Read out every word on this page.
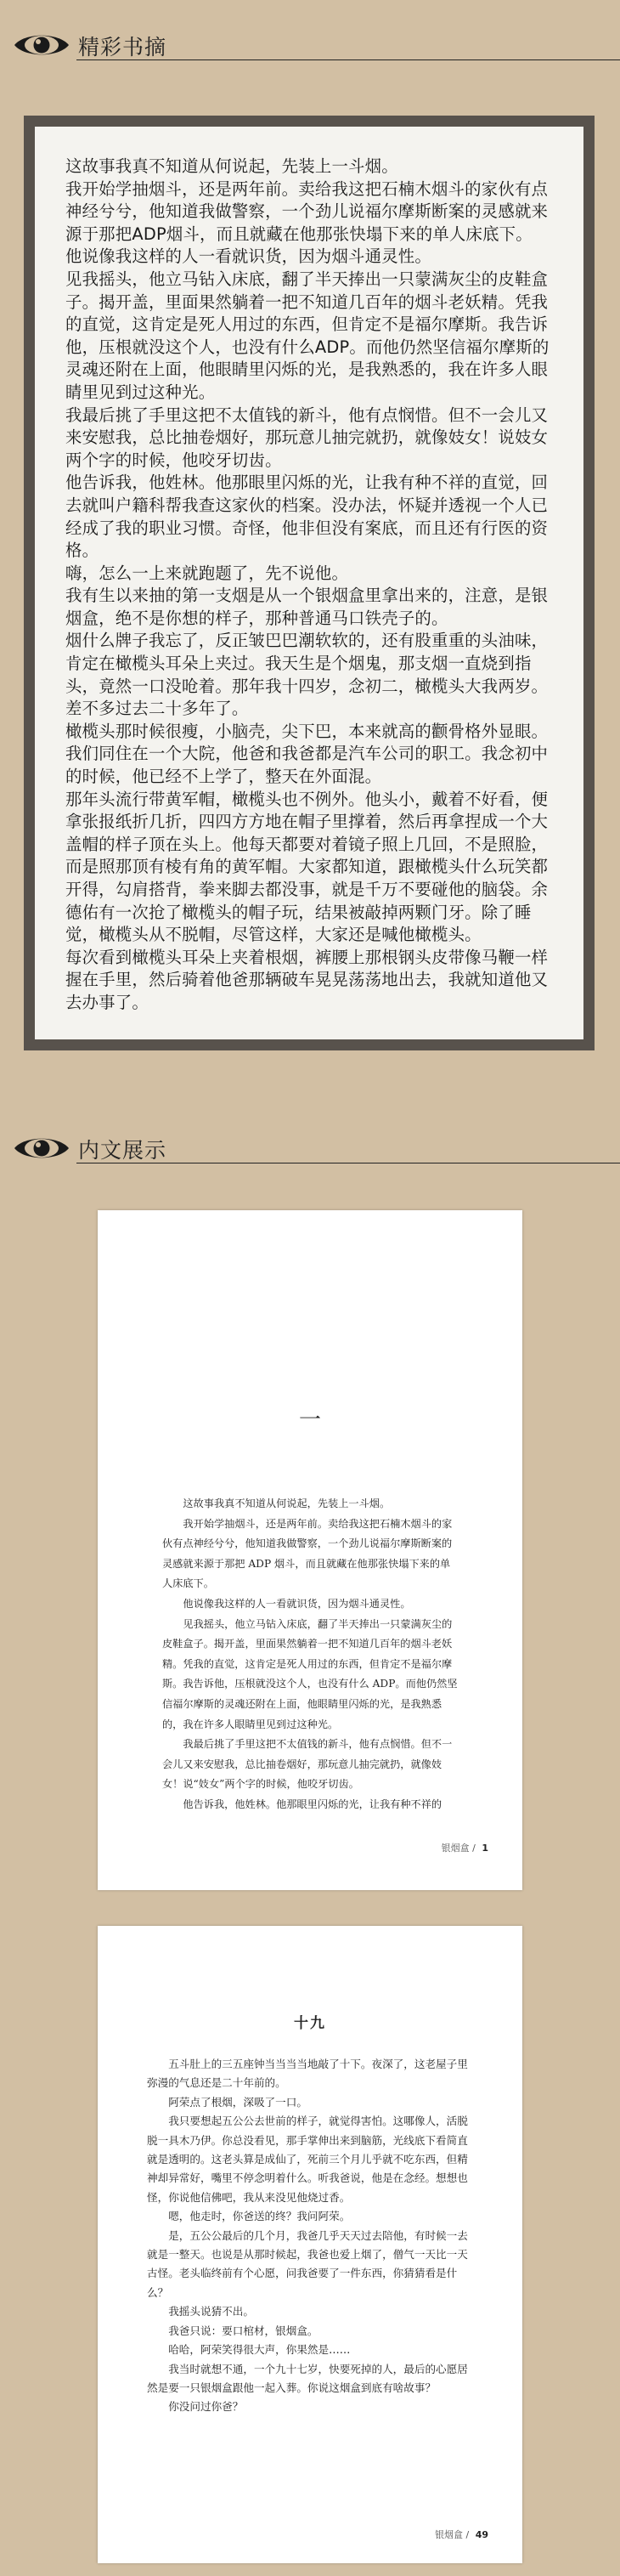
精彩书摘

这故事我真不知道从何说起，先装上一斗烟。

我开始学抽烟斗，还是两年前。卖给我这把石楠木烟斗的家伙有点神经兮兮，他知道我做警察，一个劲儿说福尔摩斯断案的灵感就来源于那把ADP烟斗，而且就藏在他那张快塌下来的单人床底下。

他说像我这样的人一看就识货，因为烟斗通灵性。

见我摇头，他立马钻入床底，翻了半天捧出一只蒙满灰尘的皮鞋盒子。揭开盖，里面果然躺着一把不知道几百年的烟斗老妖精。凭我的直觉，这肯定是死人用过的东西，但肯定不是福尔摩斯。我告诉他，压根就没这个人，也没有什么ADP。而他仍然坚信福尔摩斯的灵魂还附在上面，他眼睛里闪烁的光，是我熟悉的，我在许多人眼睛里见到过这种光。

我最后挑了手里这把不太值钱的新斗，他有点悯惜。但不一会儿又来安慰我，总比抽卷烟好，那玩意儿抽完就扔，就像妓女！说妓女两个字的时候，他咬牙切齿。

他告诉我，他姓林。他那眼里闪烁的光，让我有种不祥的直觉，回去就叫户籍科帮我查这家伙的档案。没办法，怀疑并透视一个人已经成了我的职业习惯。奇怪，他非但没有案底，而且还有行医的资格。

嗨，怎么一上来就跑题了，先不说他。

我有生以来抽的第一支烟是从一个银烟盒里拿出来的，注意，是银烟盒，绝不是你想的样子，那种普通马口铁壳子的。

烟什么牌子我忘了，反正皱巴巴潮软软的，还有股重重的头油味，肯定在橄榄头耳朵上夹过。我天生是个烟鬼，那支烟一直烧到指头，竟然一口没呛着。那年我十四岁，念初二，橄榄头大我两岁。

差不多过去二十多年了。

橄榄头那时候很瘦，小脑壳，尖下巴，本来就高的颧骨格外显眼。我们同住在一个大院，他爸和我爸都是汽车公司的职工。我念初中的时候，他已经不上学了，整天在外面混。

那年头流行带黄军帽，橄榄头也不例外。他头小，戴着不好看，便拿张报纸折几折，四四方方地在帽子里撑着，然后再拿捏成一个大盖帽的样子顶在头上。他每天都要对着镜子照上几回，不是照脸，而是照那顶有棱有角的黄军帽。大家都知道，跟橄榄头什么玩笑都开得，勾肩搭背，拳来脚去都没事，就是千万不要碰他的脑袋。余德佑有一次抢了橄榄头的帽子玩，结果被敲掉两颗门牙。除了睡觉，橄榄头从不脱帽，尽管这样，大家还是喊他橄榄头。

每次看到橄榄头耳朵上夹着根烟，裤腰上那根钢头皮带像马鞭一样握在手里，然后骑着他爸那辆破车晃晃荡荡地出去，我就知道他又去办事了。

内文展示
一

这故事我真不知道从何说起，先装上一斗烟。

我开始学抽烟斗，还是两年前。卖给我这把石楠木烟斗的家伙有点神经兮兮，他知道我做警察，一个劲儿说福尔摩斯断案的灵感就来源于那把 ADP 烟斗，而且就藏在他那张快塌下来的单人床底下。

他说像我这样的人一看就识货，因为烟斗通灵性。

见我摇头，他立马钻入床底，翻了半天捧出一只蒙满灰尘的皮鞋盒子。揭开盖，里面果然躺着一把不知道几百年的烟斗老妖精。凭我的直觉，这肯定是死人用过的东西，但肯定不是福尔摩斯。我告诉他，压根就没这个人，也没有什么 ADP。而他仍然坚信福尔摩斯的灵魂还附在上面，他眼睛里闪烁的光，是我熟悉的，我在许多人眼睛里见到过这种光。

我最后挑了手里这把不太值钱的新斗，他有点悯惜。但不一会儿又来安慰我，总比抽卷烟好，那玩意儿抽完就扔，就像妓女！说“妓女”两个字的时候，他咬牙切齿。

他告诉我，他姓林。他那眼里闪烁的光，让我有种不祥的

银烟盒 / 1
十九

五斗肚上的三五座钟当当当当地敲了十下。夜深了，这老屋子里弥漫的气息还是二十年前的。

阿荣点了根烟，深吸了一口。

我只要想起五公公去世前的样子，就觉得害怕。这哪像人，活脱脱一具木乃伊。你总没看见，那手掌伸出来到脑筋，光线底下看简直就是透明的。这老头算是成仙了，死前三个月儿乎就不吃东西，但精神却异常好，嘴里不停念明着什么。听我爸说，他是在念经。想想也怪，你说他信佛吧，我从来没见他烧过香。

嗯，他走时，你爸送的终？我问阿荣。

是，五公公最后的几个月，我爸几乎天天过去陪他，有时候一去就是一整天。也说是从那时候起，我爸也爱上烟了，僧气一天比一天古怪。老头临终前有个心愿，问我爸要了一件东西，你猜猜看是什么？

我摇头说猜不出。

我爸只说：要口棺材，银烟盒。

哈哈，阿荣笑得很大声，你果然是……

我当时就想不通，一个九十七岁，快要死掉的人，最后的心愿居然是要一只银烟盒跟他一起入葬。你说这烟盒到底有啥故事？

你没问过你爸？

银烟盒 / 49
